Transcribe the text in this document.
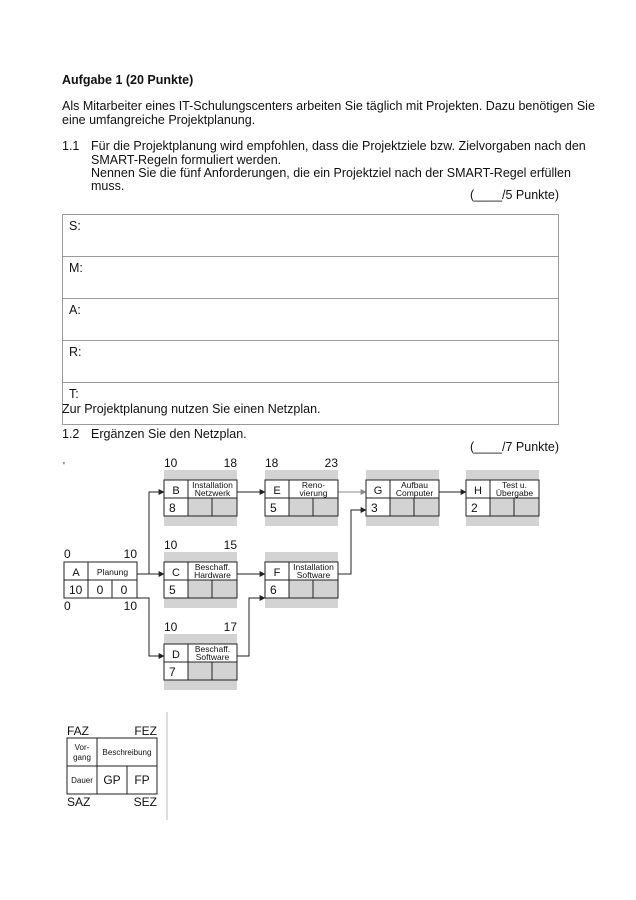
Aufgabe 1 (20 Punkte)
Als Mitarbeiter eines IT-Schulungscenters arbeiten Sie täglich mit Projekten. Dazu benötigen Sie
eine umfangreiche Projektplanung.
1.1 Für die Projektplanung wird empfohlen, dass die Projektziele bzw. Zielvorgaben nach den
SMART-Regeln formuliert werden.
Nennen Sie die fünf Anforderungen, die ein Projektziel nach der SMART-Regel erfüllen
muss.
(____/5 Punkte)
S:
M:
A:
R:
T:
Zur Projektplanung nutzen Sie einen Netzplan.
1.2 Ergänzen Sie den Netzplan.
(____/7 Punkte)
'
A Planung
10 0 0
0	10
0	10
B Installation
Netzwerk
8
10	18
E	Reno-
vierung
5
18	23
G Aufbau
Computer
3
H Test u.
Übergabe
2
C Beschaff.
Hardware
5
10	15
F Installation
Software
6
D Beschaff.
Software
7
10	17
FAZ	FEZ
SAZ	SEZ
Vor-
gang
Beschreibung
Dauer GP FP
